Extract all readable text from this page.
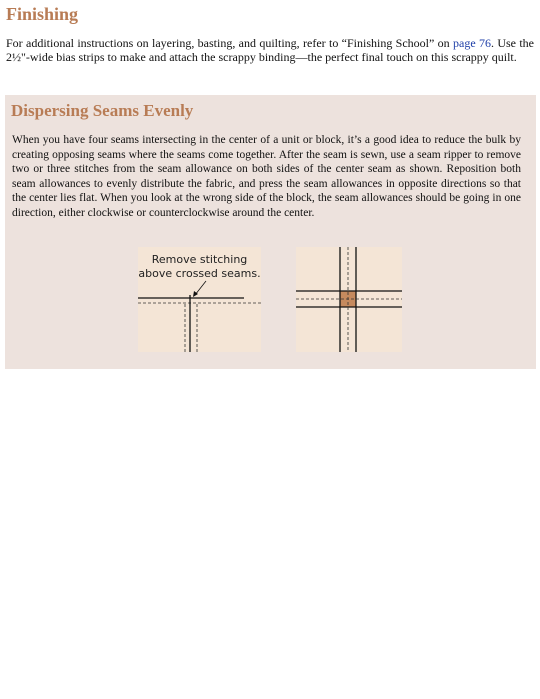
Finishing

For additional instructions on layering, basting, and quilting, refer to “Finishing School” on page 76. Use the 2½"-wide bias strips to make and attach the scrappy binding—the perfect final touch on this scrappy quilt.

Dispersing Seams Evenly

When you have four seams intersecting in the center of a unit or block, it’s a good idea to reduce the bulk by creating opposing seams where the seams come together. After the seam is sewn, use a seam ripper to remove two or three stitches from the seam allowance on both sides of the center seam as shown. Reposition both seam allowances to evenly distribute the fabric, and press the seam allowances in opposite directions so that the center lies flat. When you look at the wrong side of the block, the seam allowances should be going in one direction, either clockwise or counterclockwise around the center.

Remove stitching
above crossed seams.
